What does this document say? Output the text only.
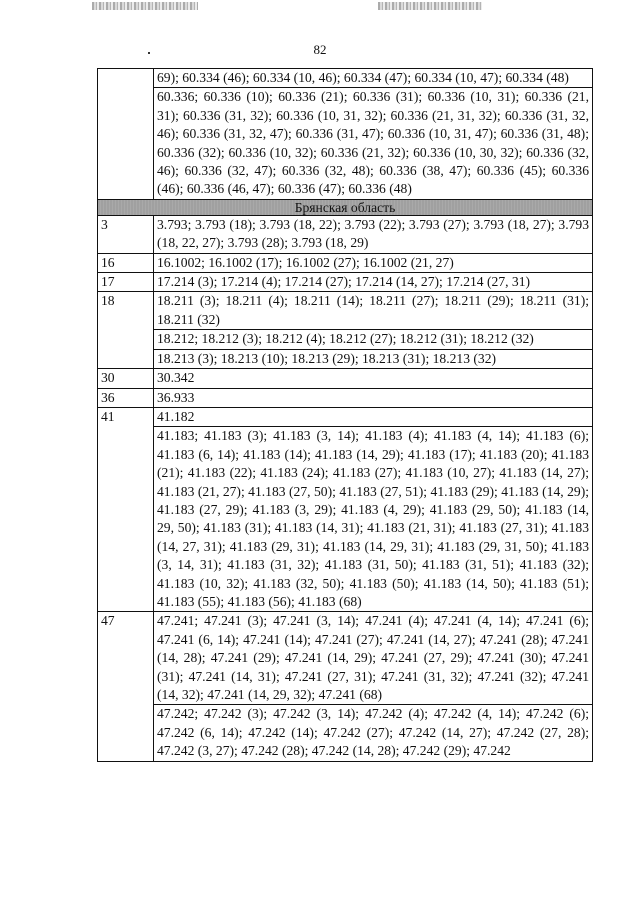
82
	69); 60.334 (46); 60.334 (10, 46); 60.334 (47); 60.334 (10, 47); 60.334 (48)
	60.336; 60.336 (10); 60.336 (21); 60.336 (31); 60.336 (10, 31); 60.336 (21, 31); 60.336 (31, 32); 60.336 (10, 31, 32); 60.336 (21, 31, 32); 60.336 (31, 32, 46); 60.336 (31, 32, 47); 60.336 (31, 47); 60.336 (10, 31, 47); 60.336 (31, 48); 60.336 (32); 60.336 (10, 32); 60.336 (21, 32); 60.336 (10, 30, 32); 60.336 (32, 46); 60.336 (32, 47); 60.336 (32, 48); 60.336 (38, 47); 60.336 (45); 60.336 (46); 60.336 (46, 47); 60.336 (47); 60.336 (48)
Брянская область	
3	3.793; 3.793 (18); 3.793 (18, 22); 3.793 (22); 3.793 (27); 3.793 (18, 27); 3.793 (18, 22, 27); 3.793 (28); 3.793 (18, 29)
16	16.1002; 16.1002 (17); 16.1002 (27); 16.1002 (21, 27)
17	17.214 (3); 17.214 (4); 17.214 (27); 17.214 (14, 27); 17.214 (27, 31)
18	18.211 (3); 18.211 (4); 18.211 (14); 18.211 (27); 18.211 (29); 18.211 (31); 18.211 (32)
	18.212; 18.212 (3); 18.212 (4); 18.212 (27); 18.212 (31); 18.212 (32)
	18.213 (3); 18.213 (10); 18.213 (29); 18.213 (31); 18.213 (32)
30	30.342
36	36.933
41	41.182
	41.183; 41.183 (3); 41.183 (3, 14); 41.183 (4); 41.183 (4, 14); 41.183 (6); 41.183 (6, 14); 41.183 (14); 41.183 (14, 29); 41.183 (17); 41.183 (20); 41.183 (21); 41.183 (22); 41.183 (24); 41.183 (27); 41.183 (10, 27); 41.183 (14, 27); 41.183 (21, 27); 41.183 (27, 50); 41.183 (27, 51); 41.183 (29); 41.183 (14, 29); 41.183 (27, 29); 41.183 (3, 29); 41.183 (4, 29); 41.183 (29, 50); 41.183 (14, 29, 50); 41.183 (31); 41.183 (14, 31); 41.183 (21, 31); 41.183 (27, 31); 41.183 (14, 27, 31); 41.183 (29, 31); 41.183 (14, 29, 31); 41.183 (29, 31, 50); 41.183 (3, 14, 31); 41.183 (31, 32); 41.183 (31, 50); 41.183 (31, 51); 41.183 (32); 41.183 (10, 32); 41.183 (32, 50); 41.183 (50); 41.183 (14, 50); 41.183 (51); 41.183 (55); 41.183 (56); 41.183 (68)
47	47.241; 47.241 (3); 47.241 (3, 14); 47.241 (4); 47.241 (4, 14); 47.241 (6); 47.241 (6, 14); 47.241 (14); 47.241 (27); 47.241 (14, 27); 47.241 (28); 47.241 (14, 28); 47.241 (29); 47.241 (14, 29); 47.241 (27, 29); 47.241 (30); 47.241 (31); 47.241 (14, 31); 47.241 (27, 31); 47.241 (31, 32); 47.241 (32); 47.241 (14, 32); 47.241 (14, 29, 32); 47.241 (68)
	47.242; 47.242 (3); 47.242 (3, 14); 47.242 (4); 47.242 (4, 14); 47.242 (6); 47.242 (6, 14); 47.242 (14); 47.242 (27); 47.242 (14, 27); 47.242 (27, 28); 47.242 (3, 27); 47.242 (28); 47.242 (14, 28); 47.242 (29); 47.242
